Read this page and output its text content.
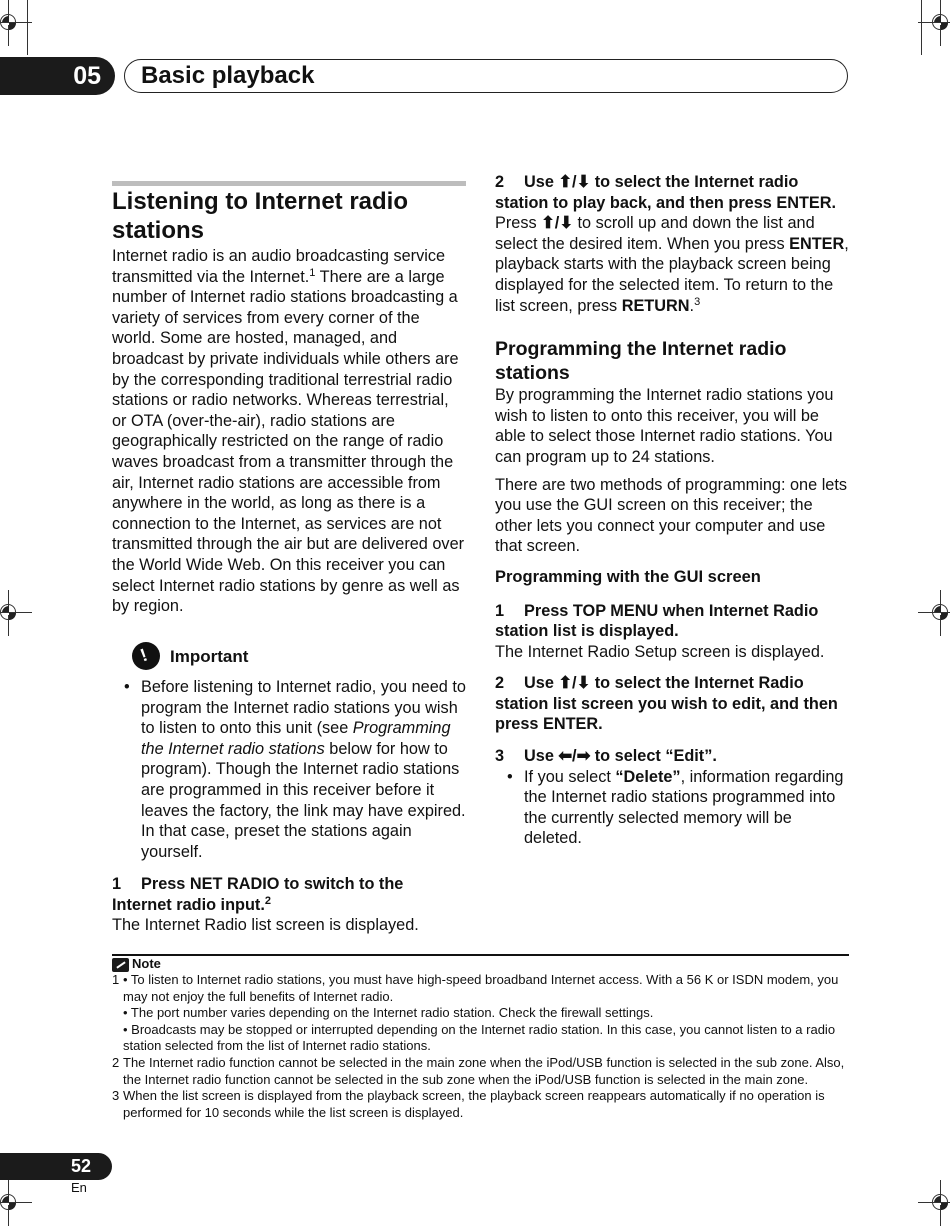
05 Basic playback
Listening to Internet radio stations

Internet radio is an audio broadcasting service transmitted via the Internet.$^1$ There are a large number of Internet radio stations broadcasting a variety of services from every corner of the world. Some are hosted, managed, and broadcast by private individuals while others are by the corresponding traditional terrestrial radio stations or radio networks. Whereas terrestrial, or OTA (over-the-air), radio stations are geographically restricted on the range of radio waves broadcast from a transmitter through the air, Internet radio stations are accessible from anywhere in the world, as long as there is a connection to the Internet, as services are not transmitted through the air but are delivered over the World Wide Web. On this receiver you can select Internet radio stations by genre as well as by region.

!
Important
• Before listening to Internet radio, you need to program the Internet radio stations you wish to listen to onto this unit (see Programming the Internet radio stations below for how to program). Though the Internet radio stations are programmed in this receiver before it leaves the factory, the link may have expired. In that case, preset the stations again yourself.

1 Press NET RADIO to switch to the Internet radio input.$^2$

The Internet Radio list screen is displayed.

2 Use ⬆/⬇ to select the Internet radio station to play back, and then press ENTER.

Press ⬆/⬇ to scroll up and down the list and select the desired item. When you press ENTER, playback starts with the playback screen being displayed for the selected item. To return to the list screen, press RETURN.$^3$

Programming the Internet radio stations

By programming the Internet radio stations you wish to listen to onto this receiver, you will be able to select those Internet radio stations. You can program up to 24 stations.

There are two methods of programming: one lets you use the GUI screen on this receiver; the other lets you connect your computer and use that screen.

Programming with the GUI screen

1 Press TOP MENU when Internet Radio station list is displayed.

The Internet Radio Setup screen is displayed.

2 Use ⬆/⬇ to select the Internet Radio station list screen you wish to edit, and then press ENTER.

3 Use ⬅/➡ to select “Edit”.

• If you select “Delete”, information regarding the Internet radio stations programmed into the currently selected memory will be deleted.
Note
1 • To listen to Internet radio stations, you must have high-speed broadband Internet access. With a 56 K or ISDN modem, you may not enjoy the full benefits of Internet radio.

• The port number varies depending on the Internet radio station. Check the firewall settings.

• Broadcasts may be stopped or interrupted depending on the Internet radio station. In this case, you cannot listen to a radio station selected from the list of Internet radio stations.

2 The Internet radio function cannot be selected in the main zone when the iPod/USB function is selected in the sub zone. Also, the Internet radio function cannot be selected in the sub zone when the iPod/USB function is selected in the main zone.

3 When the list screen is displayed from the playback screen, the playback screen reappears automatically if no operation is performed for 10 seconds while the list screen is displayed.

52
En
